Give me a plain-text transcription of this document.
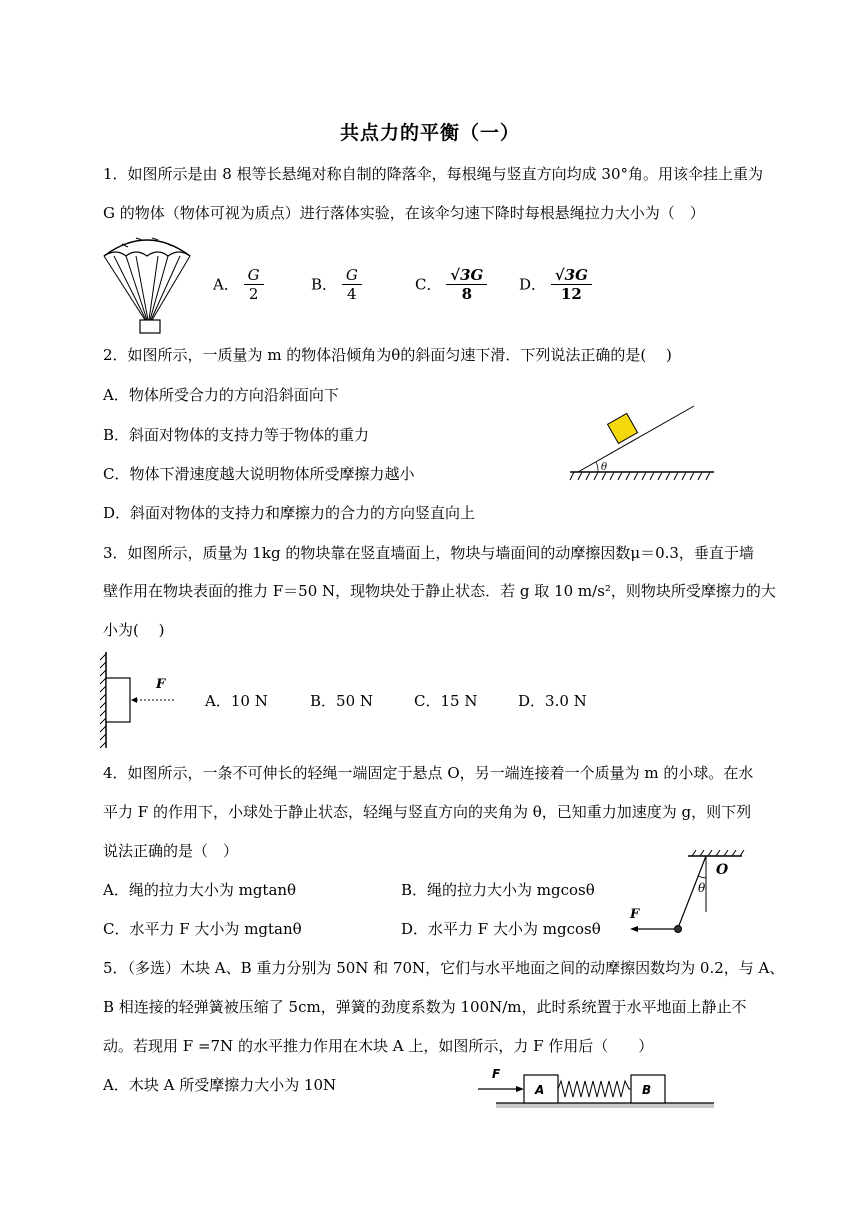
共点力的平衡（一）
1．如图所示是由 8 根等长悬绳对称自制的降落伞，每根绳与竖直方向均成 30°角。用该伞挂上重为
G 的物体（物体可视为质点）进行落体实验，在该伞匀速下降时每根悬绳拉力大小为（　）
A． $\frac{G}{2}$	B． $\frac{G}{4}$	C． $\frac{√3G}{8}$ D． $\frac{√3G}{12}$
2．如图所示，一质量为 m 的物体沿倾角为θ的斜面匀速下滑．下列说法正确的是(　 )
A．物体所受合力的方向沿斜面向下
B．斜面对物体的支持力等于物体的重力
C．物体下滑速度越大说明物体所受摩擦力越小
D．斜面对物体的支持力和摩擦力的合力的方向竖直向上
θ
3．如图所示，质量为 1kg 的物块靠在竖直墙面上，物块与墙面间的动摩擦因数μ＝0.3，垂直于墙
壁作用在物块表面的推力 F＝50 N，现物块处于静止状态．若 g 取 10 m/s²，则物块所受摩擦力的大
小为(　 )
F
A．10 N	B．50 N	C．15 N	D．3.0 N
4．如图所示，一条不可伸长的轻绳一端固定于悬点 O，另一端连接着一个质量为 m 的小球。在水
平力 F 的作用下，小球处于静止状态，轻绳与竖直方向的夹角为 θ，已知重力加速度为 g，则下列
说法正确的是（　）
A．绳的拉力大小为 mgtanθ	B．绳的拉力大小为 mgcosθ
C．水平力 F 大小为 mgtanθ	D．水平力 F 大小为 mgcosθ
θ
O
F
5．（多选）木块 A、B 重力分别为 50N 和 70N，它们与水平地面之间的动摩擦因数均为 0.2，与 A、
B 相连接的轻弹簧被压缩了 5cm，弹簧的劲度系数为 100N/m，此时系统置于水平地面上静止不
动。若现用 F =7N 的水平推力作用在木块 A 上，如图所示，力 F 作用后（　　）
A．木块 A 所受摩擦力大小为 10N
F
A	B
